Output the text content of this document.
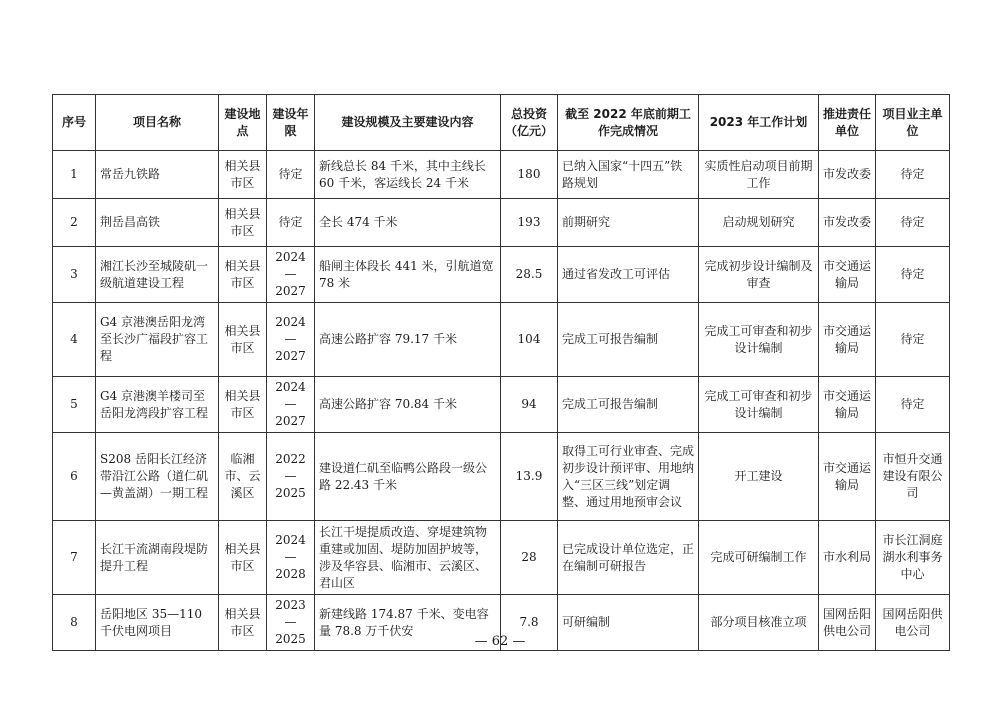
序号	项目名称	建设地点	建设年限	建设规模及主要建设内容	总投资（亿元）	截至 2022 年底前期工作完成情况	2023 年工作计划	推进责任单位	项目业主单位
1	常岳九铁路	相关县市区	待定	新线总长 84 千米，其中主线长 60 千米，客运线长 24 千米	180	已纳入国家“十四五”铁路规划	实质性启动项目前期工作	市发改委	待定
2	荆岳昌高铁	相关县市区	待定	全长 474 千米	193	前期研究	启动规划研究	市发改委	待定
3	湘江长沙至城陵矶一级航道建设工程	相关县市区	2024—2027	船闸主体段长 441 米，引航道宽 78 米	28.5	通过省发改工可评估	完成初步设计编制及审查	市交通运输局	待定
4	G4 京港澳岳阳龙湾至长沙广福段扩容工程	相关县市区	2024—2027	高速公路扩容 79.17 千米	104	完成工可报告编制	完成工可审查和初步设计编制	市交通运输局	待定
5	G4 京港澳羊楼司至岳阳龙湾段扩容工程	相关县市区	2024—2027	高速公路扩容 70.84 千米	94	完成工可报告编制	完成工可审查和初步设计编制	市交通运输局	待定
6	S208 岳阳长江经济带沿江公路（道仁矶—黄盖湖）一期工程	临湘市、云溪区	2022—2025	建设道仁矶至临鸭公路段一级公路 22.43 千米	13.9	取得工可行业审查、完成初步设计预评审、用地纳入“三区三线”划定调整、通过用地预审会议	开工建设	市交通运输局	市恒升交通建设有限公司
7	长江干流湖南段堤防提升工程	相关县市区	2024—2028	长江干堤提质改造、穿堤建筑物重建或加固、堤防加固护坡等，涉及华容县、临湘市、云溪区、君山区	28	已完成设计单位选定，正在编制可研报告	完成可研编制工作	市水利局	市长江洞庭湖水利事务中心
8	岳阳地区 35—110 千伏电网项目	相关县市区	2023—2025	新建线路 174.87 千米、变电容量 78.8 万千伏安	7.8	可研编制	部分项目核准立项	国网岳阳供电公司	国网岳阳供电公司
— 62 —
